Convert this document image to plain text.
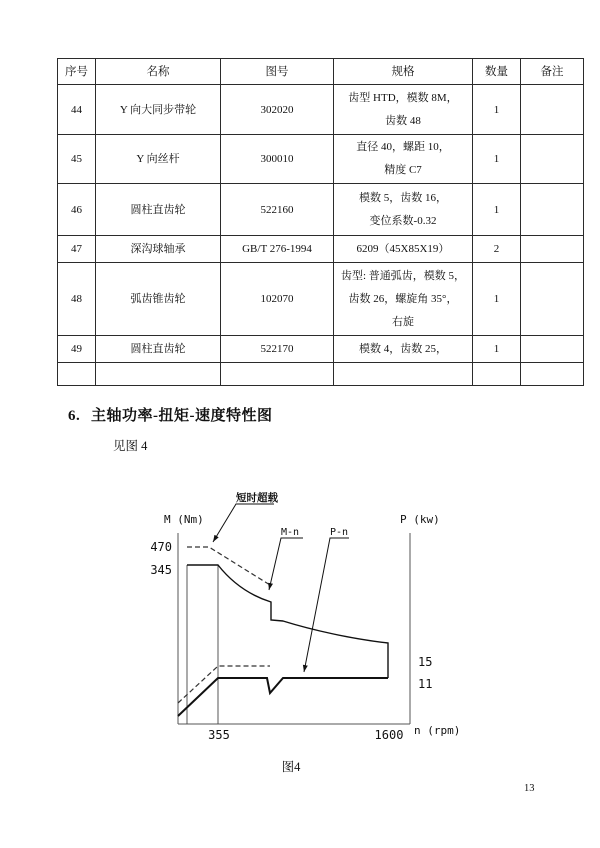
序号	名称	图号	规格	数量	备注
44	Y 向大同步带轮	302020	齿型 HTD，模数 8M，
齿数 48	1	
45	Y 向丝杆	300010	直径 40，螺距 10，
精度 C7	1	
46	圆柱直齿轮	522160	模数 5，齿数 16，
变位系数-0.32	1	
47	深沟球轴承	GB/T 276-1994	6209（45X85X19）	2	
48	弧齿锥齿轮	102070	齿型: 普通弧齿，模数 5，
齿数 26，螺旋角 35°，
右旋	1	
49	圆柱直齿轮	522170	模数 4，齿数 25，	1	

6. 主轴功率-扭矩-速度特性图
见图 4
M (Nm)	P (kw)
n (rpm)
470
345
15
11
355	1600
短时超载
M-n	P-n
图4
13
